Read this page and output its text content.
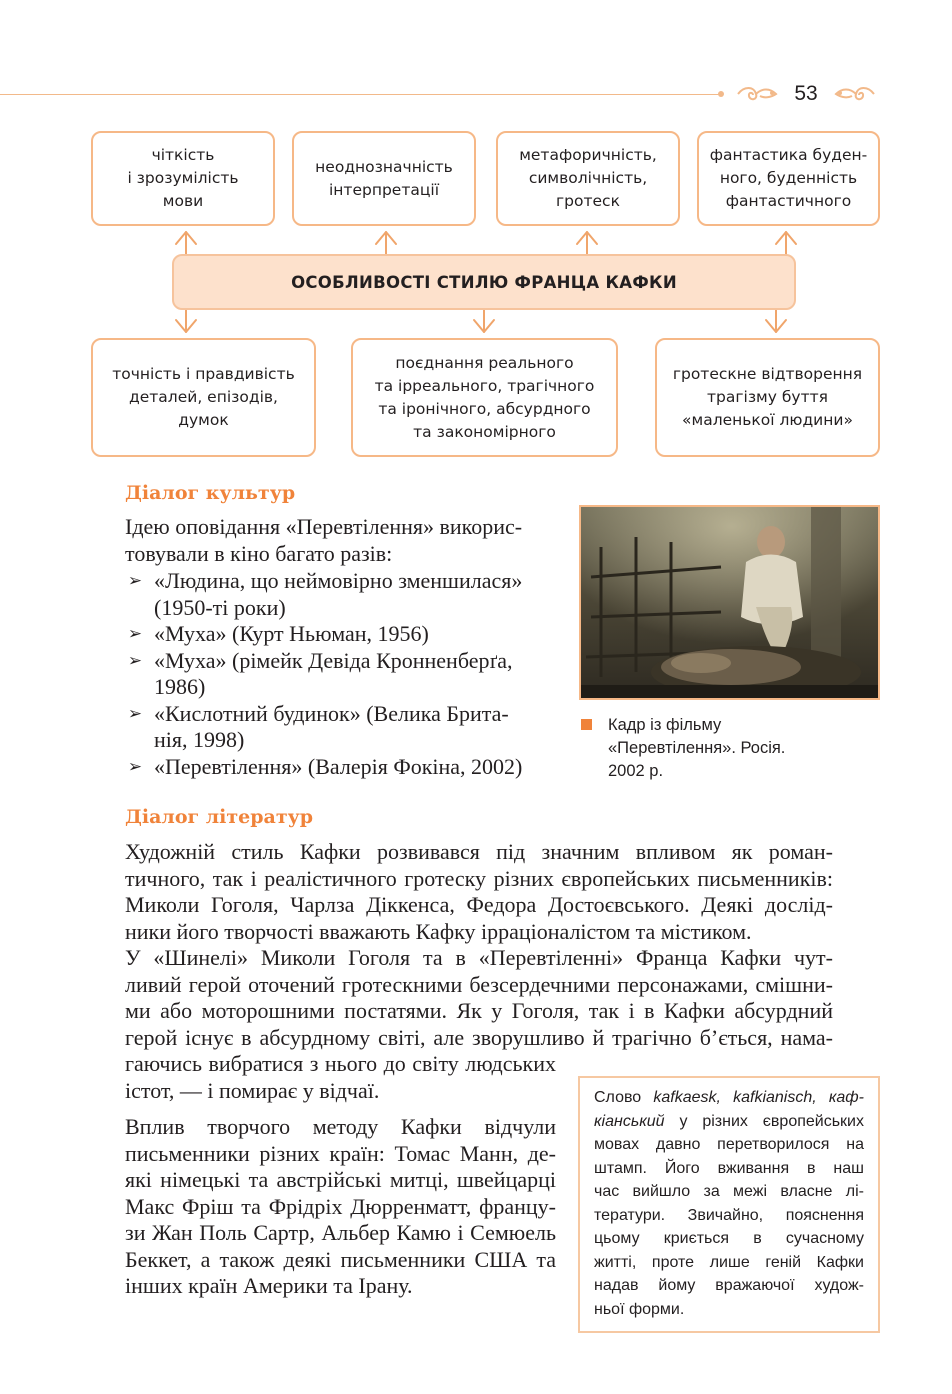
53
чіткість
і зрозумілість
мови
неоднозначність
інтерпретації
метафоричність,
символічність,
гротеск
фантастика буден-
ного, буденність
фантастичного
ОСОБЛИВОСТІ СТИЛЮ ФРАНЦА КАФКИ
точність і правдивість
деталей, епізодів,
думок
поєднання реального
та ірреального, трагічного
та іронічного, абсурдного
та закономірного
гротескне відтворення
трагізму буття
«маленької людини»
Діалог культур
Ідею оповідання «Перевтілення» викорис-
товували в кіно багато разів:
➢ «Людина, що неймовірно зменшилася»
(1950-ті роки)
➢ «Муха» (Курт Ньюман, 1956)
➢ «Муха» (рімейк Девіда Кронненберґа,
1986)
➢ «Кислотний будинок» (Велика Брита-
нія, 1998)
➢ «Перевтілення» (Валерія Фокіна, 2002)
Кадр із фільму
«Перевтілення». Росія.
2002 р.
Діалог літератур
Художній стиль Кафки розвивався під значним впливом як роман-
тичного, так і реалістичного гротеску різних європейських письменників:
Миколи Гоголя, Чарлза Діккенса, Федора Достоєвського. Деякі дослід-
ники його творчості вважають Кафку ірраціоналістом та містиком.
У «Шинелі» Миколи Гоголя та в «Перевтіленні» Франца Кафки чут-
ливий герой оточений гротескними безсердечними персонажами, смішни-
ми або моторошними постатями. Як у Гоголя, так і в Кафки абсурдний
герой існує в абсурдному світі, але зворушливо й трагічно б’ється, нама-
гаючись вибратися з нього до світу людських
істот, — і помирає у відчаї.
Вплив творчого методу Кафки відчули
письменники різних країн: Томас Манн, де-
які німецькі та австрійські митці, швейцарці
Макс Фріш та Фрідріх Дюрренматт, францу-
зи Жан Поль Сартр, Альбер Камю і Семюель
Беккет, а також деякі письменники США та
інших країн Америки та Ірану.
Слово kafkaesk, kafkianisch, каф-
кіанський у різних європейських
мовах давно перетворилося на
штамп. Його вживання в наш
час вийшло за межі власне лі-
тератури. Звичайно, пояснення
цьому криється в сучасному
житті, проте лише геній Кафки
надав йому вражаючої худож-
ньої форми.
